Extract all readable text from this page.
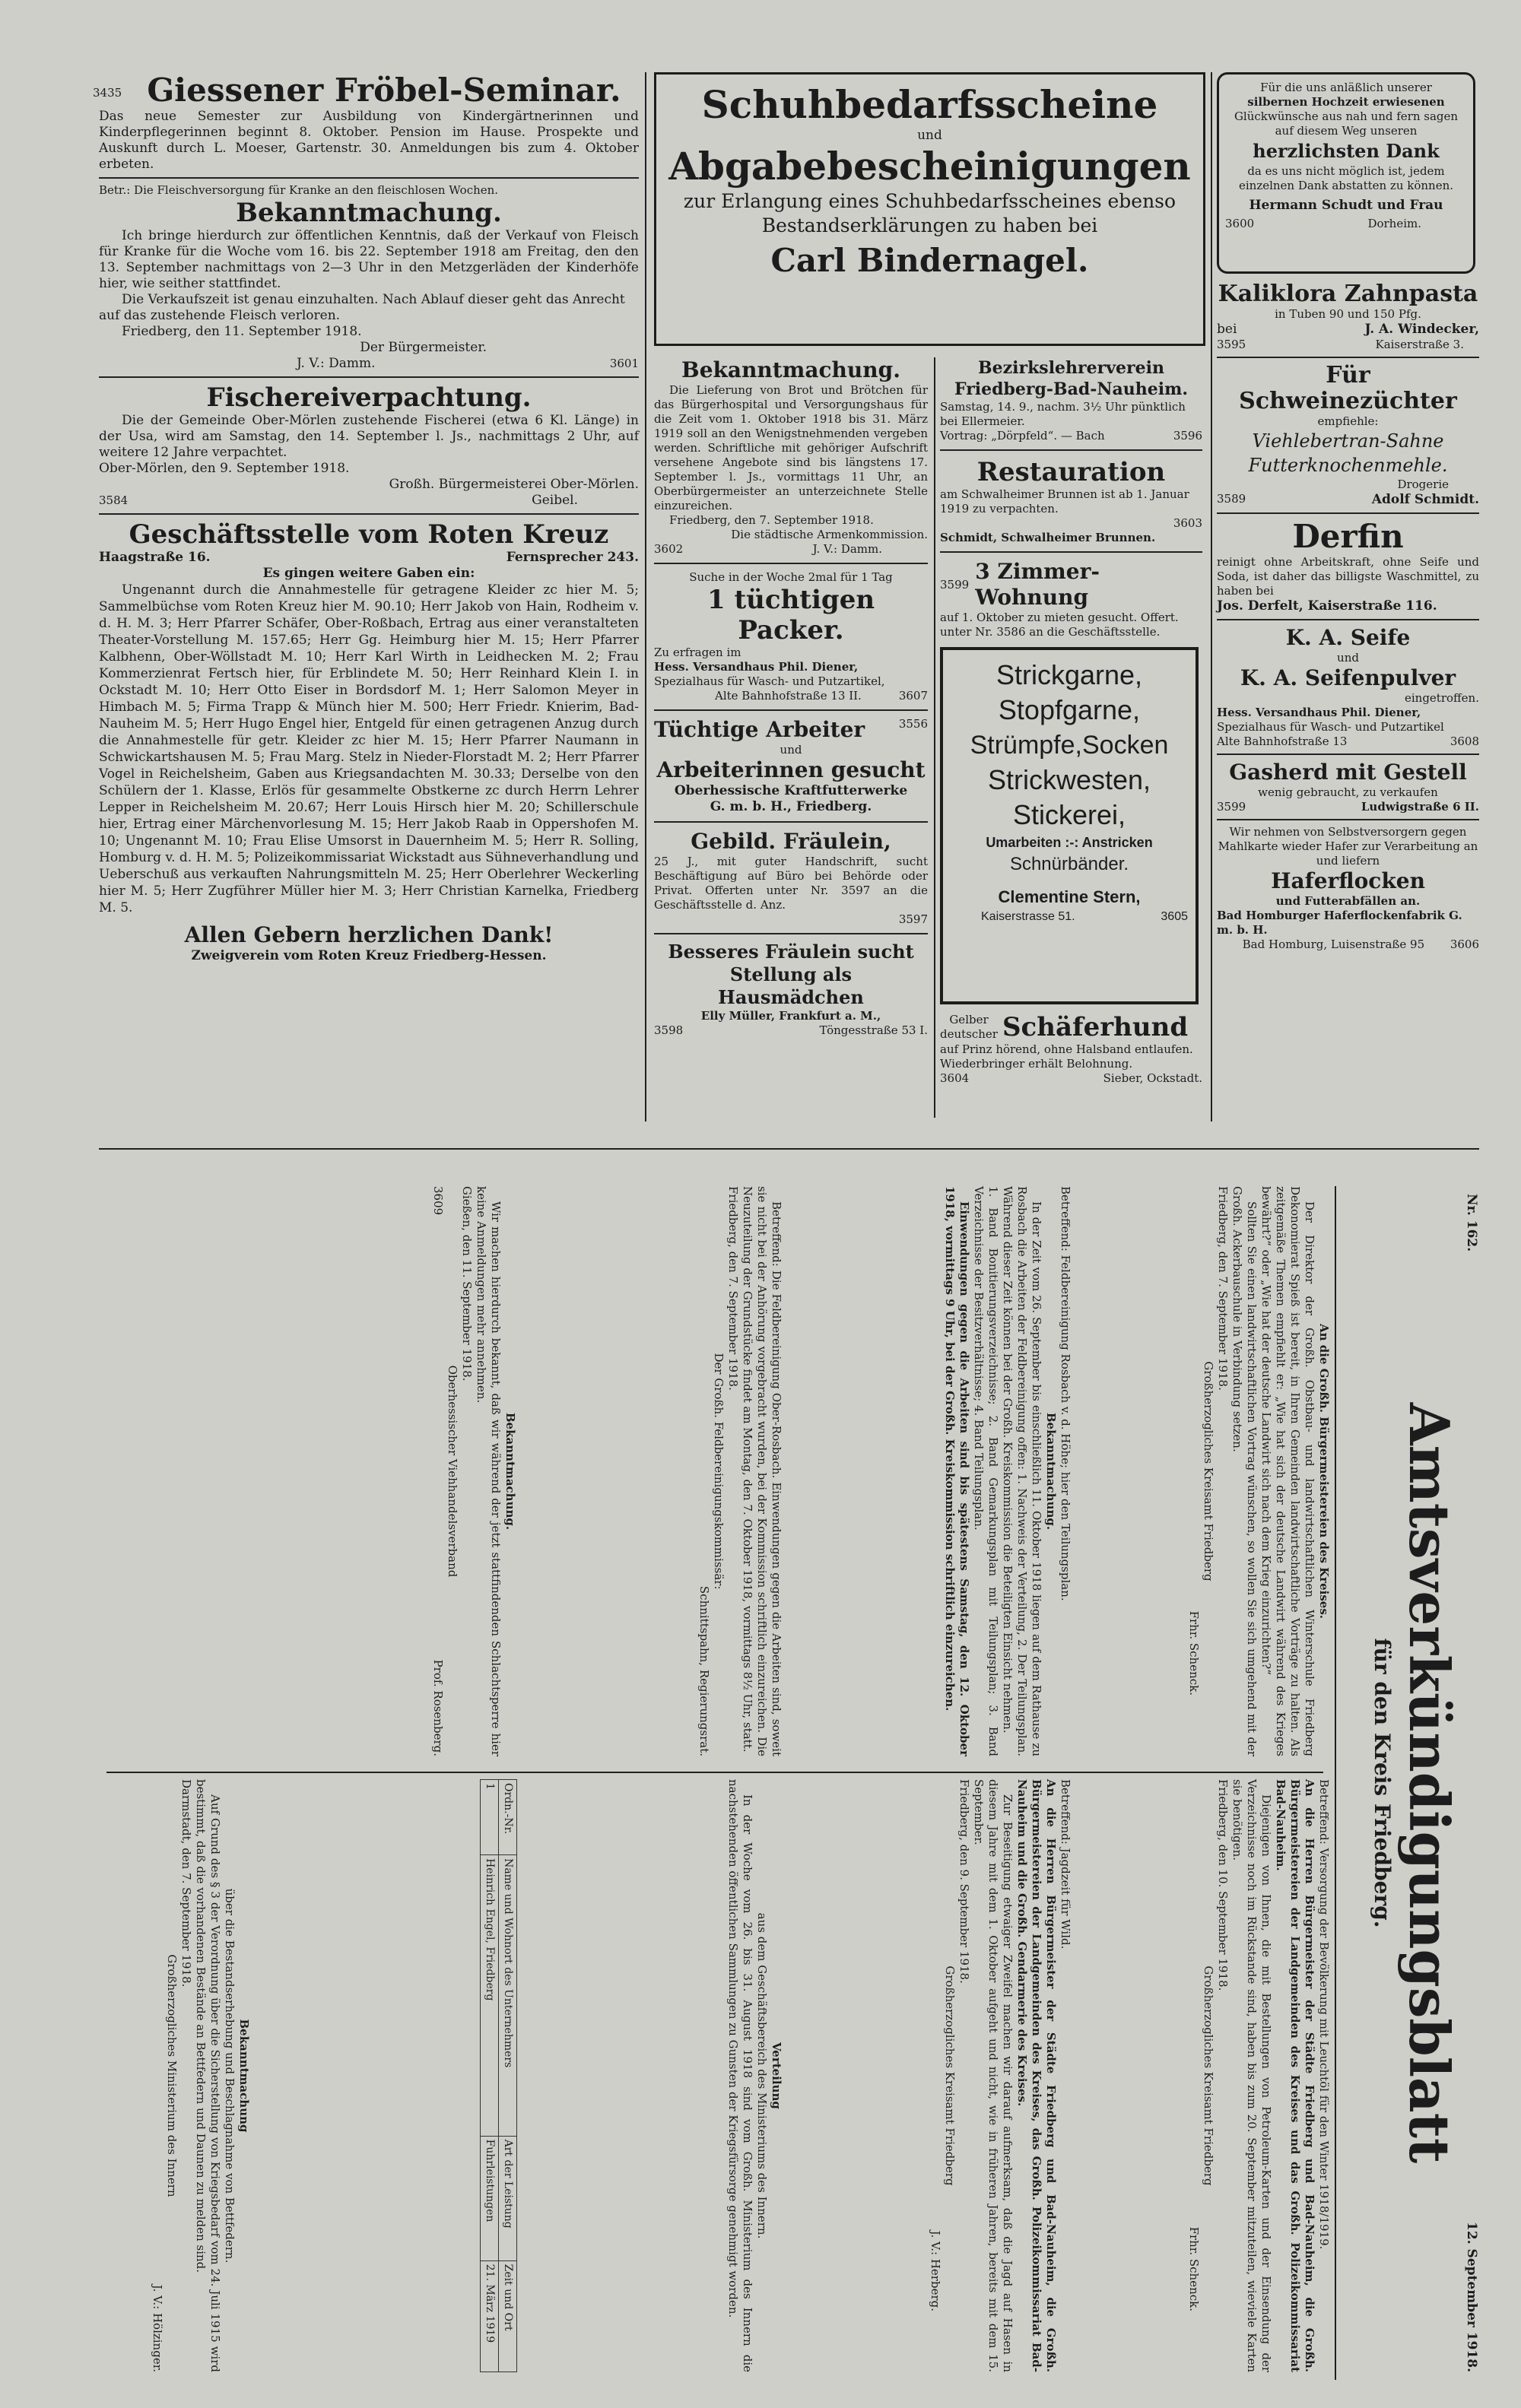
3435 Giessener Fröbel-Seminar.

Das neue Semester zur Ausbildung von Kindergärtnerinnen und Kinderpflegerinnen beginnt 8. Oktober. Pension im Hause. Prospekte und Auskunft durch L. Moeser, Gartenstr. 30. Anmeldungen bis zum 4. Oktober erbeten.

Betr.: Die Fleischversorgung für Kranke an den fleischlosen Wochen.

Bekanntmachung.

Ich bringe hierdurch zur öffentlichen Kenntnis, daß der Verkauf von Fleisch für Kranke für die Woche vom 16. bis 22. September 1918 am Freitag, den den 13. September nachmittags von 2—3 Uhr in den Metzgerläden der Kinderhöfe hier, wie seither stattfindet.

Die Verkaufszeit ist genau einzuhalten. Nach Ablauf dieser geht das Anrecht auf das zustehende Fleisch verloren.

Friedberg, den 11. September 1918.

Der Bürgermeister.

J. V.: Damm.	3601
Fischereiverpachtung.

Die der Gemeinde Ober-Mörlen zustehende Fischerei (etwa 6 Kl. Länge) in der Usa, wird am Samstag, den 14. September l. Js., nachmittags 2 Uhr, auf weitere 12 Jahre verpachtet.

Ober-Mörlen, den 9. September 1918.

Großh. Bürgermeisterei Ober-Mörlen.

3584	Geibel.
Geschäftsstelle vom Roten Kreuz
Haagstraße 16.	Fernsprecher 243.

Es gingen weitere Gaben ein:

Ungenannt durch die Annahmestelle für getragene Kleider zc hier M. 5; Sammelbüchse vom Roten Kreuz hier M. 90.10; Herr Jakob von Hain, Rodheim v. d. H. M. 3; Herr Pfarrer Schäfer, Ober-Roßbach, Ertrag aus einer veranstalteten Theater-Vorstellung M. 157.65; Herr Gg. Heimburg hier M. 15; Herr Pfarrer Kalbhenn, Ober-Wöllstadt M. 10; Herr Karl Wirth in Leidhecken M. 2; Frau Kommerzienrat Fertsch hier, für Erblindete M. 50; Herr Reinhard Klein I. in Ockstadt M. 10; Herr Otto Eiser in Bordsdorf M. 1; Herr Salomon Meyer in Himbach M. 5; Firma Trapp & Münch hier M. 500; Herr Friedr. Knierim, Bad-Nauheim M. 5; Herr Hugo Engel hier, Entgeld für einen getragenen Anzug durch die Annahmestelle für getr. Kleider zc hier M. 15; Herr Pfarrer Naumann in Schwickartshausen M. 5; Frau Marg. Stelz in Nieder-Florstadt M. 2; Herr Pfarrer Vogel in Reichelsheim, Gaben aus Kriegsandachten M. 30.33; Derselbe von den Schülern der 1. Klasse, Erlös für gesammelte Obstkerne zc durch Herrn Lehrer Lepper in Reichelsheim M. 20.67; Herr Louis Hirsch hier M. 20; Schillerschule hier, Ertrag einer Märchenvorlesung M. 15; Herr Jakob Raab in Oppershofen M. 10; Ungenannt M. 10; Frau Elise Umsorst in Dauernheim M. 5; Herr R. Solling, Homburg v. d. H. M. 5; Polizeikommissariat Wickstadt aus Sühneverhandlung und Ueberschuß aus verkauften Nahrungsmitteln M. 25; Herr Oberlehrer Weckerling hier M. 5; Herr Zugführer Müller hier M. 3; Herr Christian Karnelka, Friedberg M. 5.

Allen Gebern herzlichen Dank!

Zweigverein vom Roten Kreuz Friedberg-Hessen.

Schuhbedarfsscheine
und
Abgabebescheinigungen

zur Erlangung eines Schuhbedarfsscheines ebenso Bestandserklärungen zu haben bei

Carl Bindernagel.
Bekanntmachung.

Die Lieferung von Brot und Brötchen für das Bürgerhospital und Versorgungshaus für die Zeit vom 1. Oktober 1918 bis 31. März 1919 soll an den Wenigstnehmenden vergeben werden. Schriftliche mit gehöriger Aufschrift versehene Angebote sind bis längstens 17. September l. Js., vormittags 11 Uhr, an Oberbürgermeister an unterzeichnete Stelle einzureichen.

Friedberg, den 7. September 1918.

Die städtische Armenkommission.

3602	J. V.: Damm.

Suche in der Woche 2mal für 1 Tag

1 tüchtigen Packer.

Zu erfragen im

Hess. Versandhaus Phil. Diener,

Spezialhaus für Wasch- und Putzartikel,

Alte Bahnhofstraße 13 II.	3607
Tüchtige Arbeiter	3556

und

Arbeiterinnen gesucht

Oberhessische Kraftfutterwerke

G. m. b. H., Friedberg.

Gebild. Fräulein,

25 J., mit guter Handschrift, sucht Beschäftigung auf Büro bei Behörde oder Privat. Offerten unter Nr. 3597 an die Geschäftsstelle d. Anz.

3597

Besseres Fräulein sucht Stellung als Hausmädchen

Elly Müller, Frankfurt a. M.,

3598	Töngesstraße 53 I.
Bezirkslehrerverein Friedberg-Bad-Nauheim.

Samstag, 14. 9., nachm. 3½ Uhr pünktlich bei Ellermeier.

Vortrag: „Dörpfeld“. — Bach	3596
Restauration

am Schwalheimer Brunnen ist ab 1. Januar 1919 zu verpachten.

3603

Schmidt, Schwalheimer Brunnen.

3599
3 Zimmer-Wohnung

auf 1. Oktober zu mieten gesucht. Offert. unter Nr. 3586 an die Geschäftsstelle.

Strickgarne,
Stopfgarne,
Strümpfe,Socken
Strickwesten,
Stickerei,
Umarbeiten :-: Anstricken
Schnürbänder.
Clementine Stern,
Kaiserstrasse 51.	3605
Gelber
deutscher Schäferhund

auf Prinz hörend, ohne Halsband entlaufen. Wiederbringer erhält Belohnung.

3604	Sieber, Ockstadt.

Für die uns anläßlich unserer

silbernen Hochzeit erwiesenen

Glückwünsche aus nah und fern sagen auf diesem Weg unseren

herzlichsten Dank

da es uns nicht möglich ist, jedem einzelnen Dank abstatten zu können.

Hermann Schudt und Frau

3600	Dorheim.
Kaliklora Zahnpasta

in Tuben 90 und 150 Pfg.

bei	J. A. Windecker,
3595	Kaiserstraße 3.
Für Schweinezüchter

empfiehle:

Viehlebertran-Sahne

Futterknochenmehle.

Drogerie

3589	Adolf Schmidt.
Derfin

reinigt ohne Arbeitskraft, ohne Seife und Soda, ist daher das billigste Waschmittel, zu haben bei

Jos. Derfelt, Kaiserstraße 116.

K. A. Seife

und

K. A. Seifenpulver

eingetroffen.

Hess. Versandhaus Phil. Diener,

Spezialhaus für Wasch- und Putzartikel

Alte Bahnhofstraße 13	3608
Gasherd mit Gestell

wenig gebraucht, zu verkaufen

3599	Ludwigstraße 6 II.

Wir nehmen von Selbstversorgern gegen Mahlkarte wieder Hafer zur Verarbeitung an und liefern

Haferflocken

und Futterabfällen an.

Bad Homburger Haferflockenfabrik G. m. b. H.

3606

Bad Homburg, Luisenstraße 95

Nr. 162.
12. September 1918.
Amtsverkündigungsblatt
für den Kreis Friedberg.

An die Großh. Bürgermeistereien des Kreises.

Der Direktor der Großh. Obstbau- und landwirtschaftlichen Winterschule Friedberg Dekonomierat Spieß ist bereit, in Ihren Gemeinden landwirtschaftliche Vorträge zu halten. Als zeitgemäße Themen empfiehlt er: „Wie hat sich der deutsche Landwirt während des Krieges bewährt?“ oder „Wie hat der deutsche Landwirt sich nach dem Krieg einzurichten?“

Sollten Sie einen landwirtschaftlichen Vortrag wünschen, so wollen Sie sich umgehend mit der Großh. Ackerbauschule in Verbindung setzen.

Friedberg, den 7. September 1918.

Großherzogliches Kreisamt Friedberg

Frhr. Schenck.

Betreffend: Versorgung der Bevölkerung mit Leuchtöl für den Winter 1918/1919.

An die Herren Bürgermeister der Städte Friedberg und Bad-Nauheim, die Großh. Bürgermeistereien der Landgemeinden des Kreises und das Großh. Polizeikommissariat Bad-Nauheim.

Diejenigen von Ihnen, die mit Bestellungen von Petroleum-Karten und der Einsendung der Verzeichnisse noch im Rückstande sind, haben bis zum 20. September mitzuteilen, wieviele Karten sie benötigen.

Friedberg, den 10. September 1918.

Großherzogliches Kreisamt Friedberg

Frhr. Schenck.

Betreffend: Feldbereinigung Rosbach v. d. Höhe; hier den Teilungsplan.

Bekanntmachung.

In der Zeit vom 26. September bis einschließlich 11. Oktober 1918 liegen auf dem Rathause zu Rosbach die Arbeiten der Feldbereinigung offen: 1. Nachweis der Verteilung, 2. Der Teilungsplan. Während dieser Zeit können bei der Großh. Kreiskommission die Beteiligten Einsicht nehmen.

1. Band Bonitierungsverzeichnisse; 2. Band Gemarkungsplan mit Teilungsplan; 3. Band Verzeichnisse der Besitzverhältnisse; 4. Band Teilungsplan.

Einwendungen gegen die Arbeiten sind bis spätestens Samstag, den 12. Oktober 1918, vormittags 9 Uhr, bei der Großh. Kreiskommission schriftlich einzureichen.

Betreffend: Jagdzeit für Wild.

An die Herren Bürgermeister der Städte Friedberg und Bad-Nauheim, die Großh. Bürgermeistereien der Landgemeinden des Kreises, das Großh. Polizeikommissariat Bad-Nauheim und die Großh. Gendarmerie des Kreises.

Zur Beseitigung etwaiger Zweifel machen wir darauf aufmerksam, daß die Jagd auf Hasen in diesem Jahre mit dem 1. Oktober aufgeht und nicht, wie in früheren Jahren, bereits mit dem 15. September.

Friedberg, den 9. September 1918.

Großherzogliches Kreisamt Friedberg

J. V.: Herberg.

Betreffend: Die Feldbereinigung Ober-Rosbach. Einwendungen gegen die Arbeiten sind, soweit sie nicht bei der Anhörung vorgebracht wurden, bei der Kommission schriftlich einzureichen. Die Neuzuteilung der Grundstücke findet am Montag, den 7. Oktober 1918, vormittags 8½ Uhr, statt.

Friedberg, den 7. September 1918.

Der Großh. Feldbereinigungskommissär:

Schnittspahn, Regierungsrat.

Verteilung

aus dem Geschäftsbereich des Ministeriums des Innern.

In der Woche vom 26. bis 31. August 1918 sind vom Großh. Ministerium des Innern die nachstehenden öffentlichen Sammlungen zu Gunsten der Kriegsfürsorge genehmigt worden.

Bekanntmachung.

Wir machen hierdurch bekannt, daß wir während der jetzt stattfindenden Schlachtsperre hier keine Anmeldungen mehr annehmen.

Gießen, den 11. September 1918.

Oberhessischer Viehhandelsverband

3609
Prof. Rosenberg.
Ordn.-Nr.	Name und Wohnort des Unternehmers	Art der Leistung	Zeit und Ort
1	Heinrich Engel, Friedberg	Fuhrleistungen	21. März 1919

Bekanntmachung

über die Bestandserhebung und Beschlagnahme von Bettfedern.

Auf Grund des § 3 der Verordnung über die Sicherstellung von Kriegsbedarf vom 24. Juli 1915 wird bestimmt, daß die vorhandenen Bestände an Bettfedern und Daunen zu melden sind.

Darmstadt, den 7. September 1918.

Großherzogliches Ministerium des Innern

J. V.: Hölzinger.
